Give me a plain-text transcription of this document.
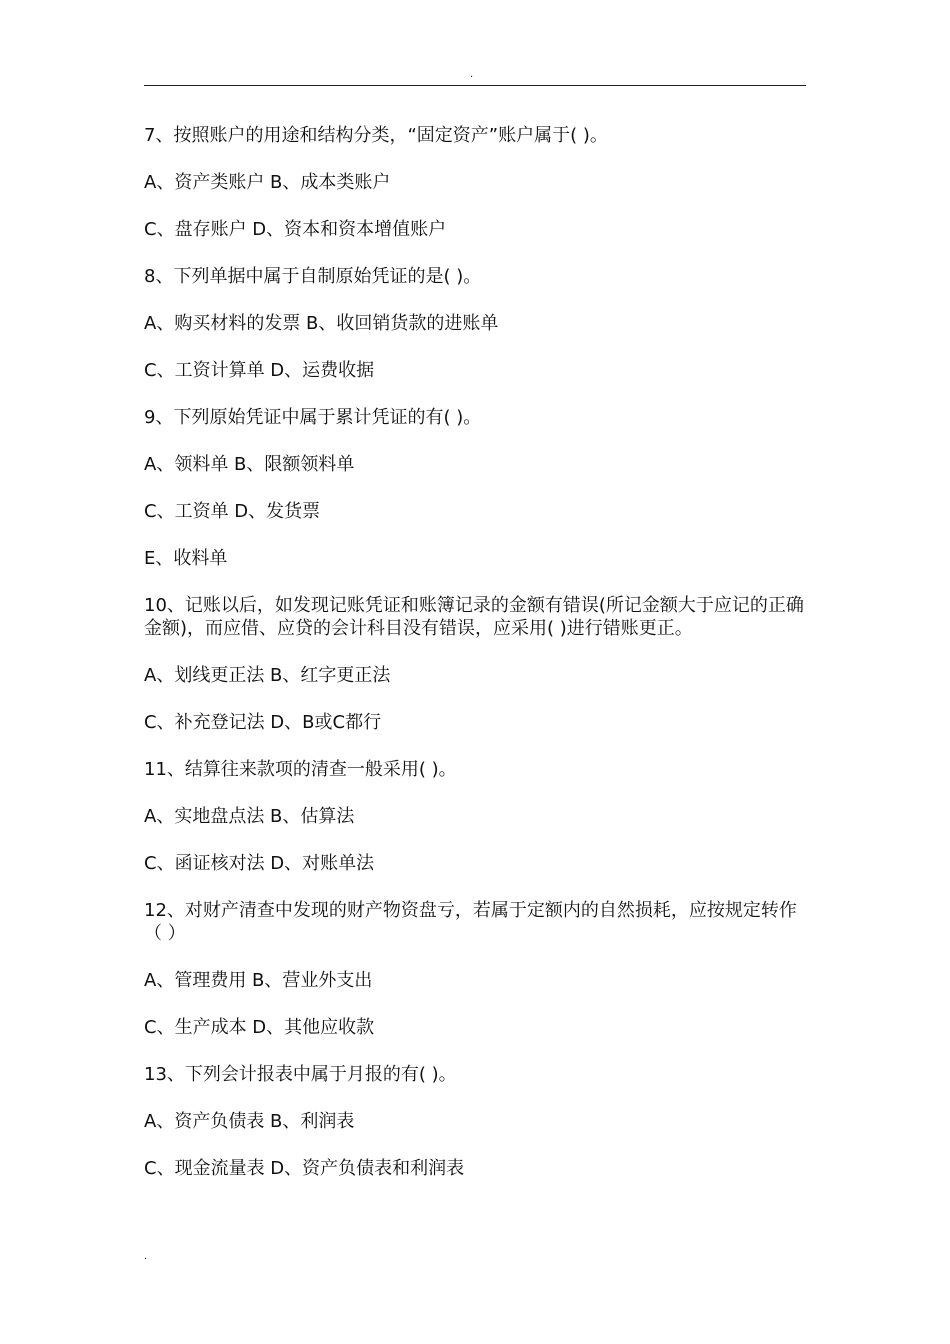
.

7、按照账户的用途和结构分类，“固定资产”账户属于( )。

A、资产类账户 B、成本类账户

C、盘存账户 D、资本和资本增值账户

8、下列单据中属于自制原始凭证的是( )。

A、购买材料的发票 B、收回销货款的进账单

C、工资计算单 D、运费收据

9、下列原始凭证中属于累计凭证的有( )。

A、领料单 B、限额领料单

C、工资单 D、发货票

E、收料单

10、记账以后，如发现记账凭证和账簿记录的金额有错误(所记金额大于应记的正确金额)，而应借、应贷的会计科目没有错误，应采用( )进行错账更正。

A、划线更正法 B、红字更正法

C、补充登记法 D、B或C都行

11、结算往来款项的清查一般采用( )。

A、实地盘点法 B、估算法

C、函证核对法 D、对账单法

12、对财产清查中发现的财产物资盘亏，若属于定额内的自然损耗，应按规定转作（ ）

A、管理费用 B、营业外支出

C、生产成本 D、其他应收款

13、下列会计报表中属于月报的有( )。

A、资产负债表 B、利润表

C、现金流量表 D、资产负债表和利润表

.
